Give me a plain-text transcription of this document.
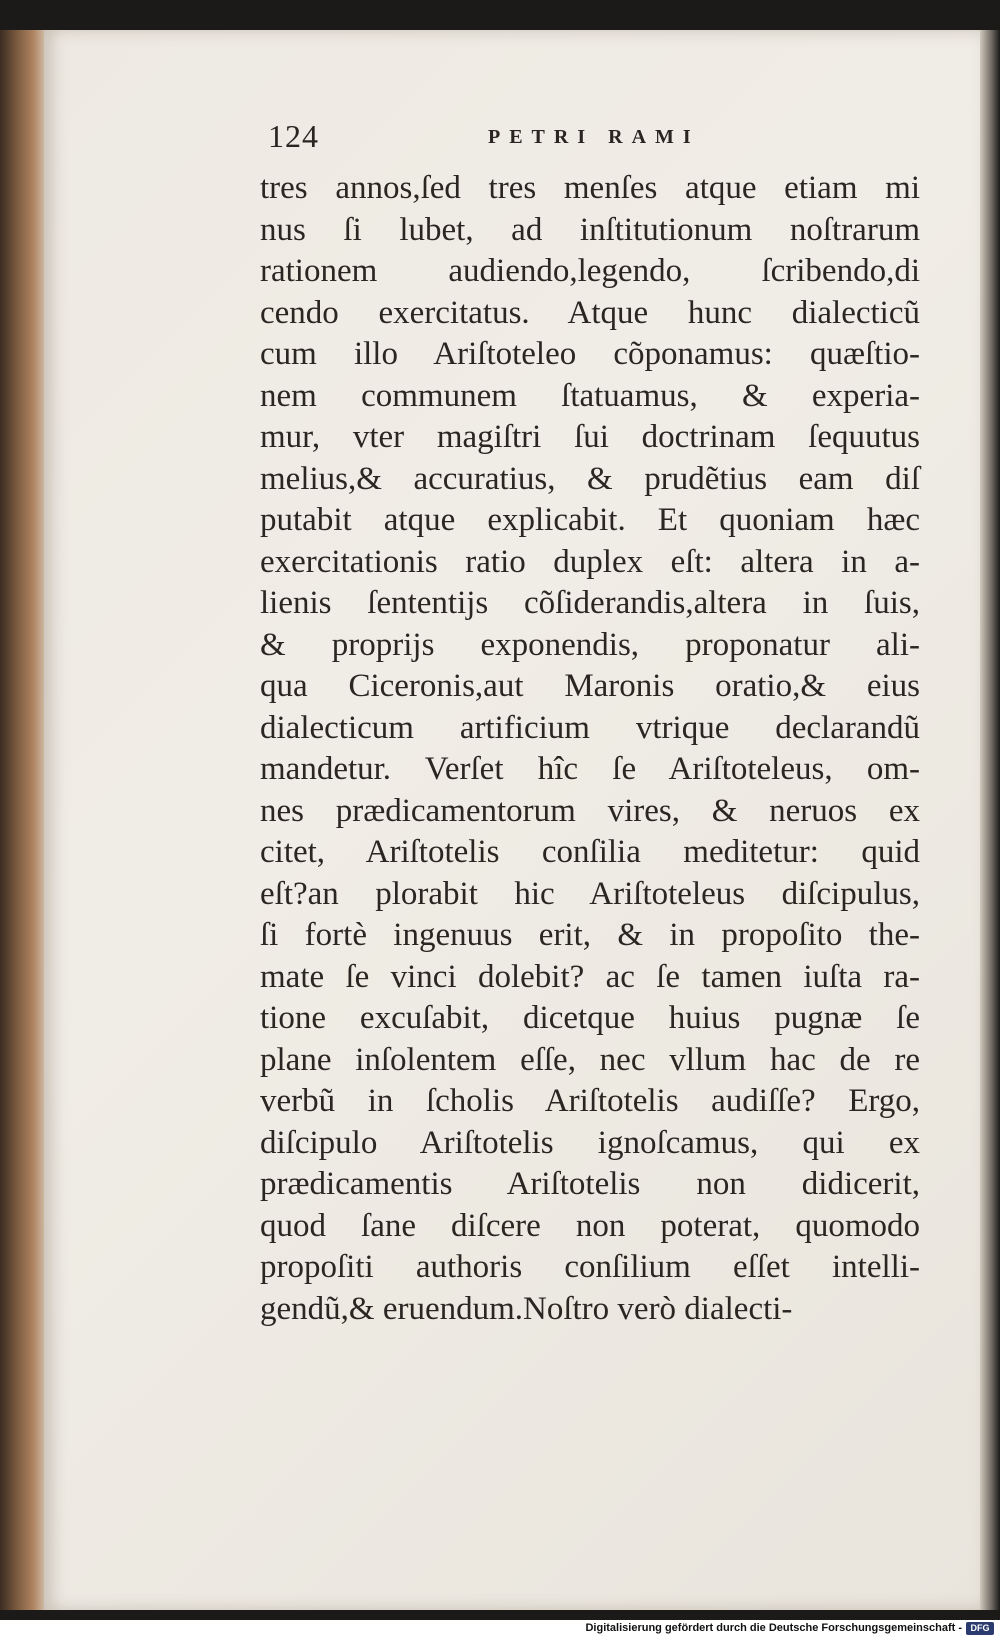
124	PETRI RAMI
tres annos,ſed tres menſes atque etiam mi
nus ſi lubet, ad inſtitutionum noſtrarum
rationem audiendo,legendo, ſcribendo,di
cendo exercitatus. Atque hunc dialecticũ
cum illo Ariſtoteleo cõponamus: quæſtio-
nem communem ſtatuamus, & experia-
mur, vter magiſtri ſui doctrinam ſequutus
melius,& accuratius, & prudẽtius eam diſ
putabit atque explicabit. Et quoniam hæc
exercitationis ratio duplex eſt: altera in a-
lienis ſententijs cõſiderandis,altera in ſuis,
& proprijs exponendis, proponatur ali-
qua Ciceronis,aut Maronis oratio,& eius
dialecticum artificium vtrique declarandũ
mandetur. Verſet hîc ſe Ariſtoteleus, om-
nes prædicamentorum vires, & neruos ex
citet, Ariſtotelis conſilia meditetur: quid
eſt?an plorabit hic Ariſtoteleus diſcipulus,
ſi fortè ingenuus erit, & in propoſito the-
mate ſe vinci dolebit? ac ſe tamen iuſta ra-
tione excuſabit, dicetque huius pugnæ ſe
plane inſolentem eſſe, nec vllum hac de re
verbũ in ſcholis Ariſtotelis audiſſe? Ergo,
diſcipulo Ariſtotelis ignoſcamus, qui ex
prædicamentis Ariſtotelis non didicerit,
quod ſane diſcere non poterat, quomodo
propoſiti authoris conſilium eſſet intelli-
gendũ,& eruendum.Noſtro verò dialecti-
Digitalisierung gefördert durch die Deutsche Forschungsgemeinschaft - DFG
